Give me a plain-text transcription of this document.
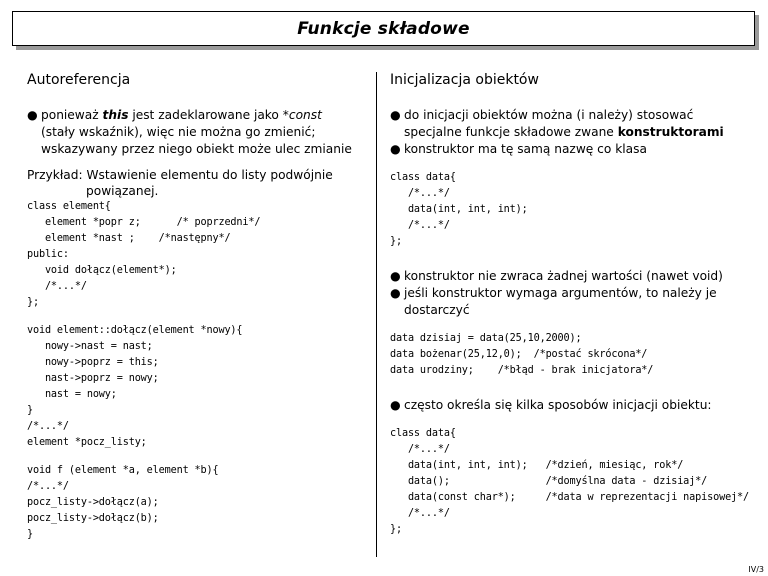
Funkcje składowe
Autoreferencja
● ponieważ this jest zadeklarowane jako *const
(stały wskaźnik), więc nie można go zmienić;
wskazywany przez niego obiekt może ulec zmianie
Przykład: Wstawienie elementu do listy podwójnie
powiązanej.
class element{
element *popr z;      /* poprzedni*/
element *nast ;    /*następny*/
public:
void dołącz(element*);
/*...*/
};
void element::dołącz(element *nowy){
nowy->nast = nast;
nowy->poprz = this;
nast->poprz = nowy;
nast = nowy;
}
/*...*/
element *pocz_listy;
void f (element *a, element *b){
/*...*/
pocz_listy->dołącz(a);
pocz_listy->dołącz(b);
}
Inicjalizacja obiektów
● do inicjacji obiektów można (i należy) stosować
specjalne funkcje składowe zwane konstruktorami
● konstruktor ma tę samą nazwę co klasa
class data{
/*...*/
data(int, int, int);
/*...*/
};
● konstruktor nie zwraca żadnej wartości (nawet void)
● jeśli konstruktor wymaga argumentów, to należy je
dostarczyć
data dzisiaj = data(25,10,2000);
data bożenar(25,12,0);  /*postać skrócona*/
data urodziny;    /*błąd - brak inicjatora*/
● często określa się kilka sposobów inicjacji obiektu:
class data{
/*...*/
data(int, int, int);   /*dzień, miesiąc, rok*/
data();                /*domyślna data - dzisiaj*/
data(const char*);     /*data w reprezentacji napisowej*/
/*...*/
};
IV/3
